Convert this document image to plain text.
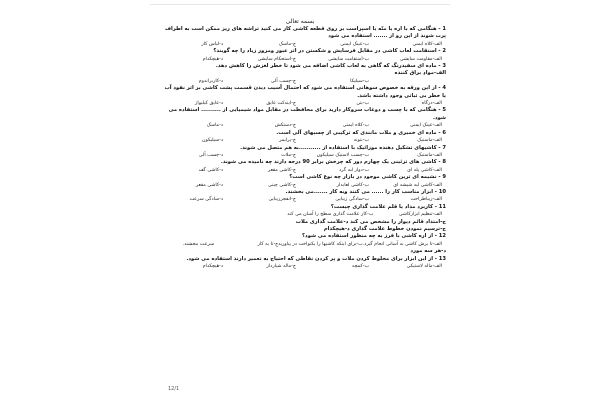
بسمه تعالی
1 - هنگامی که با اره یا متّه یا اسپراست بر روی قطعه کاشی کار می کنید تراشه های ریز ممکن است به اطراف
پرت شوند از این رو از ....... استفاده می شود
الف-کلاه ایمنی
ب-عینک ایمنی
ج-ماسک
د-لباس کار
2 - استقامت لعاب کاشی در مقابل فرسایش و شکستن در اثر عبور ومرور زیاد را چه گویند؟
الف-مقاومت سایشی
ب-استقامت سایشی
ج-استحکام سایشی
د-هیچکدام
3 - ماده ای سفیدرنگ که گاهی به لعاب کاشی اضافه می شود تا خطر لغزش را کاهش دهد.
الف-موادِ براق کننده
ب-سیلیکا
ج-چسب آلی
د-کاربراندوم
4 - از این ورقه به خصوص سوهانی استفاده می شود که احتمال آسیب دیدن قسمت پشت کاشی بر اثر نفوذ آب
یا خطر بی ثباتی وجود داشته باشد.
الف-درگاه
ب-بتن
ج-ایندکت عایق
د-عایق کیلیواژ
5 - هنگامی که با چسب و دوغاب سروکار دارید برای محافظت در مقابل مواد شیمیایی از .......... استفاده می
شود.
الف-عینک ایمنی
ب-کلاه ایمنی
ج-دستکش
د-ماسک
6 - ماده ای خمیری و ملات مانندی که ترکیبی از چسبهای آلی است.
الف-ماستیک
ب-بتونه
ج-پرایمر
د-سیلیکون
7 - کاشیهای تشکیل دهنده موزائیک با استفاده از ...........به هم متصل می شوند.
الف-ماستیک
ب-چسب لاستیک سیلیکون
ج-ملات
د-چسب آلی
8 - کاشی های تزئینی یک چهارم دور که چرخش برابر 90 درجه دارند چه نامیده می شوند.
الف-کاشی پله ای
ب-دوار لبه گرد
ج-کاشی مقعر
د-کاشی گف
9 - نشیمه ای ترین کاشی موجود در بازار چه نوع کاشی است؟
الف-کاشی لبه شیشه ای
ب-کاشی لعابدار
ج-کاشی چینی
د-کاشی مقعر
10 - ابزار مناسب کار را ...... می کنند وبه کار .......می بخشند.
الف-زیباطراحت
ب-سادگی زیبایی
ج-انفجرزیبایی
د-سادگی سرعت
11 - کاربرد مداد یا قلم علامت گذاری چیست؟
الف-تنظیم ابزارکاشی
ب-کار علامت گذاری سطح را آسان می کند
ج-امتداد قائم دیوار را مشخص می کند د-علامت گذاری ملات
ج-ترسیم نمودن خطوط علامت گذاری د-هیچکدام
12 - از اره کاشی با فرز به چه منظور استفاده می شود؟
الف-تا برش کاشی به آسانی انجام گیرد.
ب-برای اینکه کاشیها را یکنواخت در پیاورید
ج-تا به کار
سرعت ببخشند.
د-هر سه مورد
13 - از این ابزار برای مخلوط کردن ملات و پر کردن نقاطی که احتیاج به تعمیر دارند استفاده می شود.
الف-ماله لاستیکی
ب-کمچه
ج-ماله شیارداز
د-هیچکدام
12/1
